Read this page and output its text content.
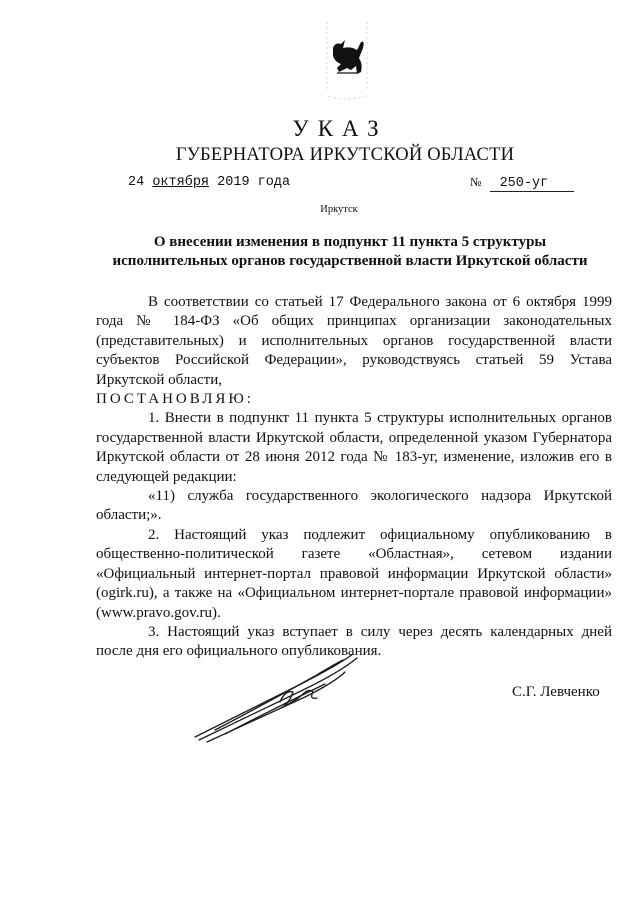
УКАЗ
ГУБЕРНАТОРА ИРКУТСКОЙ ОБЛАСТИ
24 октября 2019 года	№ 250-уг
Иркутск
О внесении изменения в подпункт 11 пункта 5 структуры
исполнительных органов государственной власти Иркутской области

В соответствии со статьей 17 Федерального закона от 6 октября 1999 года № 184-ФЗ «Об общих принципах организации законодательных (представительных) и исполнительных органов государственной власти субъектов Российской Федерации», руководствуясь статьей 59 Устава Иркутской области,

ПОСТАНОВЛЯЮ:

1. Внести в подпункт 11 пункта 5 структуры исполнительных органов государственной власти Иркутской области, определенной указом Губернатора Иркутской области от 28 июня 2012 года № 183-уг, изменение, изложив его в следующей редакции:

«11) служба государственного экологического надзора Иркутской области;».

2. Настоящий указ подлежит официальному опубликованию в общественно-политической газете «Областная», сетевом издании «Официальный интернет-портал правовой информации Иркутской области» (ogirk.ru), а также на «Официальном интернет-портале правовой информации» (www.pravo.gov.ru).

3. Настоящий указ вступает в силу через десять календарных дней после дня его официального опубликования.

С.Г. Левченко
